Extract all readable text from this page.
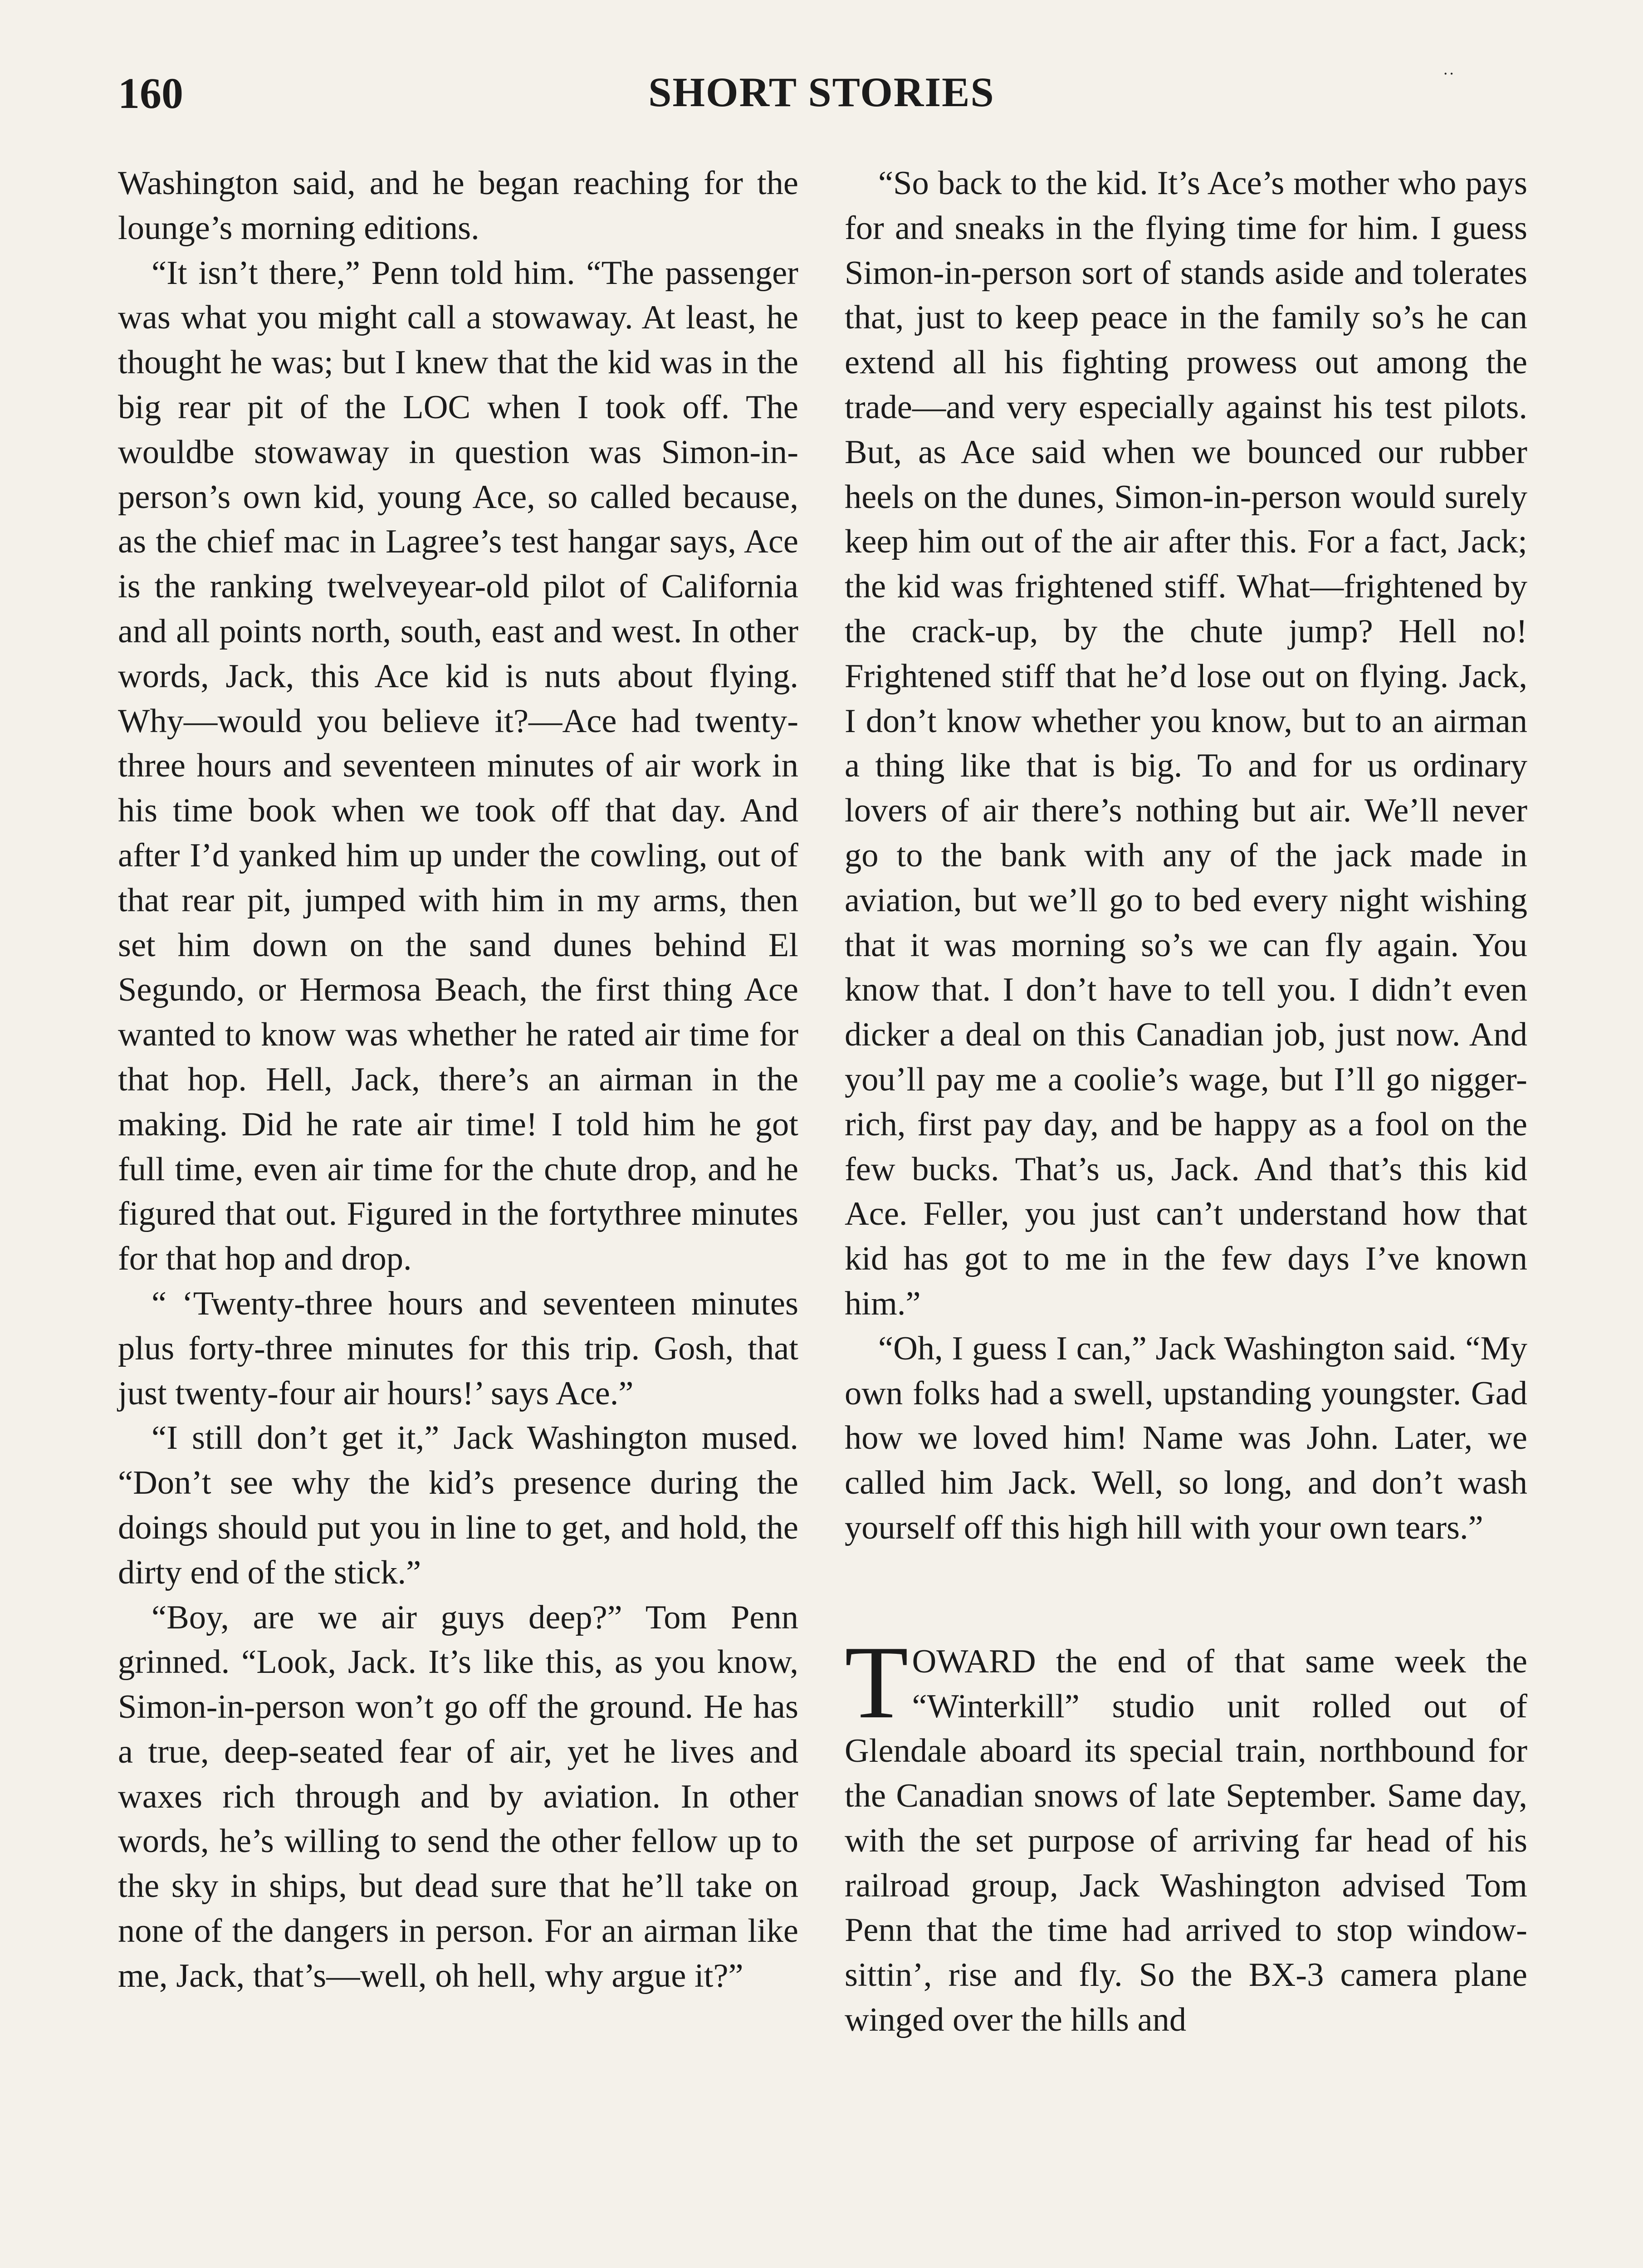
160	SHORT STORIES	˙˙

Washington said, and he began reaching for the lounge’s morning editions.

“It isn’t there,” Penn told him. “The passenger was what you might call a stowaway. At least, he thought he was; but I knew that the kid was in the big rear pit of the LOC when I took off. The wouldbe stowaway in question was Simon-inperson’s own kid, young Ace, so called because, as the chief mac in Lagree’s test hangar says, Ace is the ranking twelveyear-old pilot of California and all points north, south, east and west. In other words, Jack, this Ace kid is nuts about flying. Why—would you believe it?—Ace had twenty-three hours and seventeen minutes of air work in his time book when we took off that day. And after I’d yanked him up under the cowling, out of that rear pit, jumped with him in my arms, then set him down on the sand dunes behind El Segundo, or Hermosa Beach, the first thing Ace wanted to know was whether he rated air time for that hop. Hell, Jack, there’s an airman in the making. Did he rate air time! I told him he got full time, even air time for the chute drop, and he figured that out. Figured in the fortythree minutes for that hop and drop.

“ ‘Twenty-three hours and seventeen minutes plus forty-three minutes for this trip. Gosh, that just twenty-four air hours!’ says Ace.”

“I still don’t get it,” Jack Washington mused. “Don’t see why the kid’s presence during the doings should put you in line to get, and hold, the dirty end of the stick.”

“Boy, are we air guys deep?” Tom Penn grinned. “Look, Jack. It’s like this, as you know, Simon-in-person won’t go off the ground. He has a true, deep-seated fear of air, yet he lives and waxes rich through and by aviation. In other words, he’s willing to send the other fellow up to the sky in ships, but dead sure that he’ll take on none of the dangers in person. For an airman like me, Jack, that’s—well, oh hell, why argue it?”

“So back to the kid. It’s Ace’s mother who pays for and sneaks in the flying time for him. I guess Simon-in-person sort of stands aside and tolerates that, just to keep peace in the family so’s he can extend all his fighting prowess out among the trade—and very especially against his test pilots. But, as Ace said when we bounced our rubber heels on the dunes, Simon-in-person would surely keep him out of the air after this. For a fact, Jack; the kid was frightened stiff. What—frightened by the crack-up, by the chute jump? Hell no! Frightened stiff that he’d lose out on flying. Jack, I don’t know whether you know, but to an airman a thing like that is big. To and for us ordinary lovers of air there’s nothing but air. We’ll never go to the bank with any of the jack made in aviation, but we’ll go to bed every night wishing that it was morning so’s we can fly again. You know that. I don’t have to tell you. I didn’t even dicker a deal on this Canadian job, just now. And you’ll pay me a coolie’s wage, but I’ll go nigger-rich, first pay day, and be happy as a fool on the few bucks. That’s us, Jack. And that’s this kid Ace. Feller, you just can’t understand how that kid has got to me in the few days I’ve known him.”

“Oh, I guess I can,” Jack Washington said. “My own folks had a swell, upstanding youngster. Gad how we loved him! Name was John. Later, we called him Jack. Well, so long, and don’t wash yourself off this high hill with your own tears.”

TOWARD the end of that same week the “Winterkill” studio unit rolled out of Glendale aboard its special train, northbound for the Canadian snows of late September. Same day, with the set purpose of arriving far head of his railroad group, Jack Washington advised Tom Penn that the time had arrived to stop window-sittin’, rise and fly. So the BX-3 camera plane winged over the hills and
